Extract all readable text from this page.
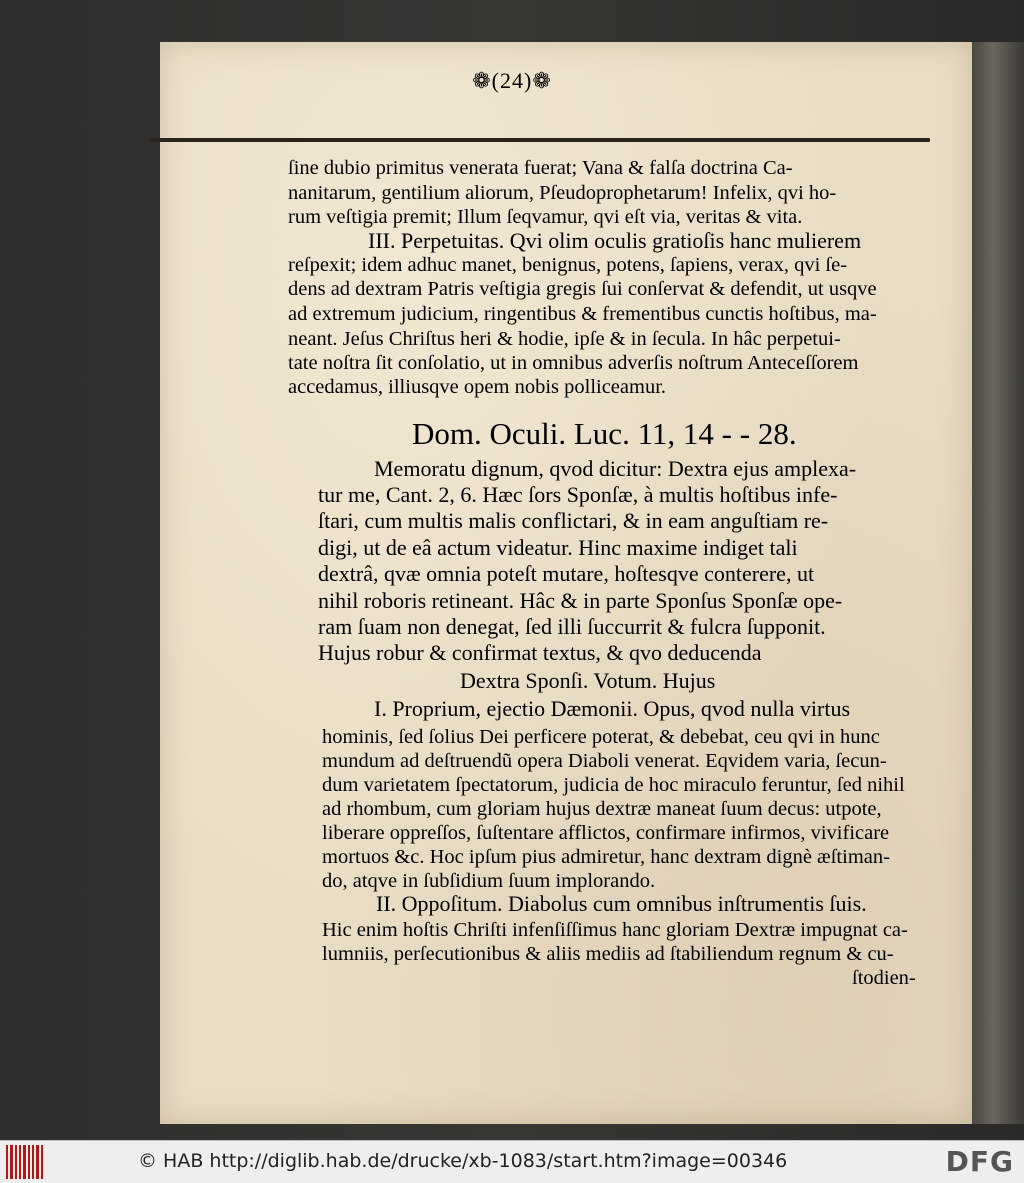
❁(24)❁
ſine dubio primitus venerata fuerat; Vana & falſa doctrina Ca-
nanitarum, gentilium aliorum, Pſeudoprophetarum! Infelix, qvi ho-
rum veſtigia premit; Illum ſeqvamur, qvi eſt via, veritas & vita.
III. Perpetuitas. Qvi olim oculis gratioſis hanc mulierem
reſpexit; idem adhuc manet, benignus, potens, ſapiens, verax, qvi ſe-
dens ad dextram Patris veſtigia gregis ſui conſervat & defendit, ut usqve
ad extremum judicium, ringentibus & frementibus cunctis hoſtibus, ma-
neant. Jeſus Chriſtus heri & hodie, ipſe & in ſecula. In hâc perpetui-
tate noſtra ſit conſolatio, ut in omnibus adverſis noſtrum Anteceſſorem
accedamus, illiusqve opem nobis polliceamur.
Dom. Oculi. Luc. 11, 14 - - 28.
Memoratu dignum, qvod dicitur: Dextra ejus amplexa-
tur me, Cant. 2, 6. Hæc ſors Sponſæ, à multis hoſtibus infe-
ſtari, cum multis malis conflictari, & in eam anguſtiam re-
digi, ut de eâ actum videatur. Hinc maxime indiget tali
dextrâ, qvæ omnia poteſt mutare, hoſtesqve conterere, ut
nihil roboris retineant. Hâc & in parte Sponſus Sponſæ ope-
ram ſuam non denegat, ſed illi ſuccurrit & fulcra ſupponit.
Hujus robur & confirmat textus, & qvo deducenda
Dextra Sponſi. Votum. Hujus
I. Proprium, ejectio Dæmonii. Opus, qvod nulla virtus
hominis, ſed ſolius Dei perficere poterat, & debebat, ceu qvi in hunc
mundum ad deſtruendũ opera Diaboli venerat. Eqvidem varia, ſecun-
dum varietatem ſpectatorum, judicia de hoc miraculo feruntur, ſed nihil
ad rhombum, cum gloriam hujus dextræ maneat ſuum decus: utpote,
liberare oppreſſos, ſuſtentare afflictos, confirmare infirmos, vivificare
mortuos &c. Hoc ipſum pius admiretur, hanc dextram dignè æſtiman-
do, atqve in ſubſidium ſuum implorando.
II. Oppoſitum. Diabolus cum omnibus inſtrumentis ſuis.
Hic enim hoſtis Chriſti infenſiſſimus hanc gloriam Dextræ impugnat ca-
lumniis, perſecutionibus & aliis mediis ad ſtabiliendum regnum & cu-
ſtodien-
© HAB http://diglib.hab.de/drucke/xb-1083/start.htm?image=00346	DFG
